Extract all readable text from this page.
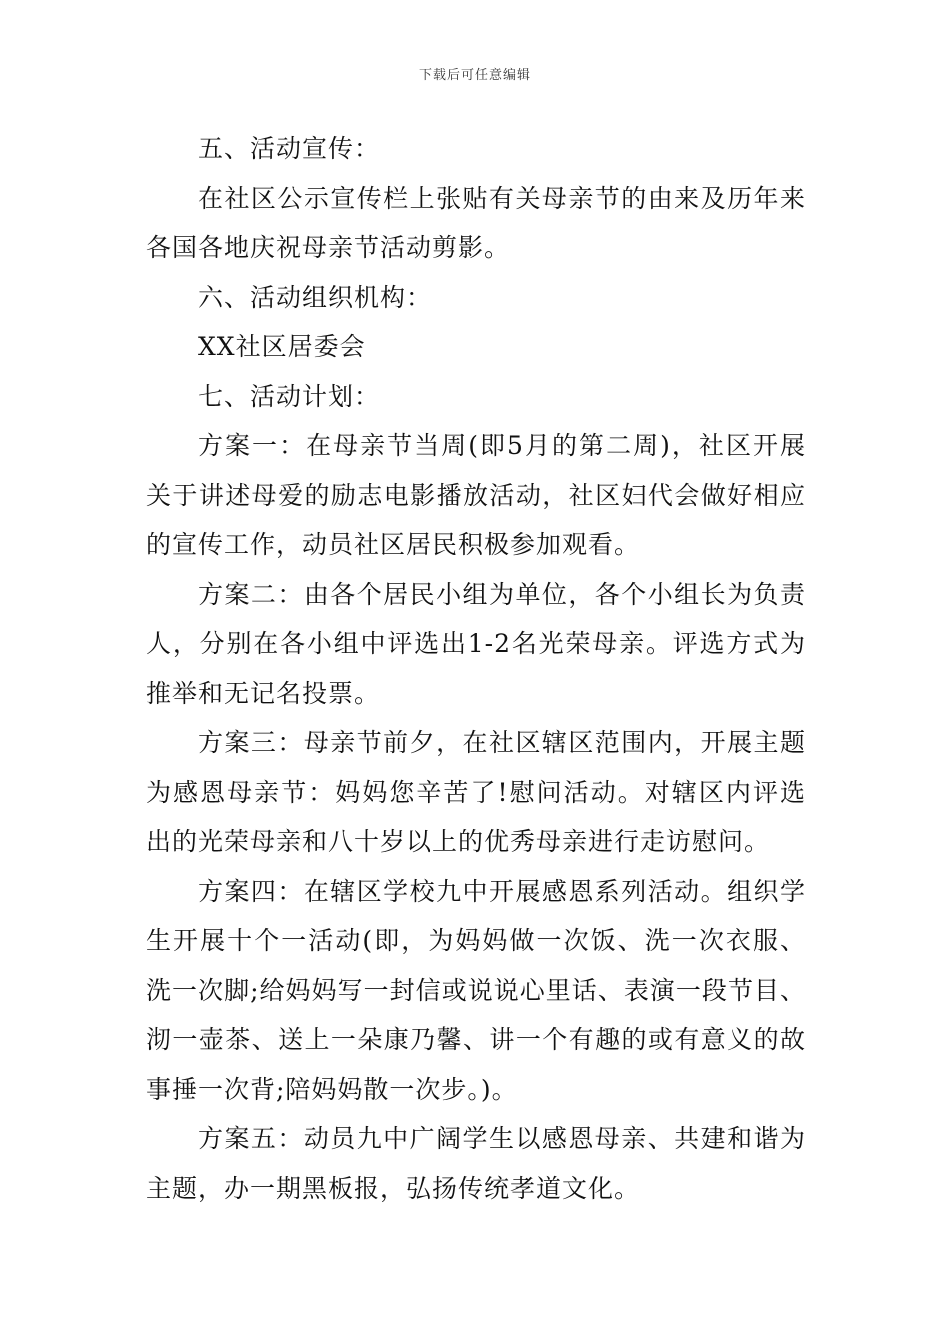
下载后可任意编辑

五、活动宣传：

在社区公示宣传栏上张贴有关母亲节的由来及历年来各国各地庆祝母亲节活动剪影。

六、活动组织机构：

XX社区居委会

七、活动计划：

方案一：在母亲节当周(即5月的第二周)，社区开展关于讲述母爱的励志电影播放活动，社区妇代会做好相应的宣传工作，动员社区居民积极参加观看。

方案二：由各个居民小组为单位，各个小组长为负责人，分别在各小组中评选出1-2名光荣母亲。评选方式为推举和无记名投票。

方案三：母亲节前夕，在社区辖区范围内，开展主题为感恩母亲节：妈妈您辛苦了!慰问活动。对辖区内评选出的光荣母亲和八十岁以上的优秀母亲进行走访慰问。

方案四：在辖区学校九中开展感恩系列活动。组织学生开展十个一活动(即，为妈妈做一次饭、洗一次衣服、洗一次脚;给妈妈写一封信或说说心里话、表演一段节目、沏一壶茶、送上一朵康乃馨、讲一个有趣的或有意义的故事捶一次背;陪妈妈散一次步。)。

方案五：动员九中广阔学生以感恩母亲、共建和谐为主题，办一期黑板报，弘扬传统孝道文化。
